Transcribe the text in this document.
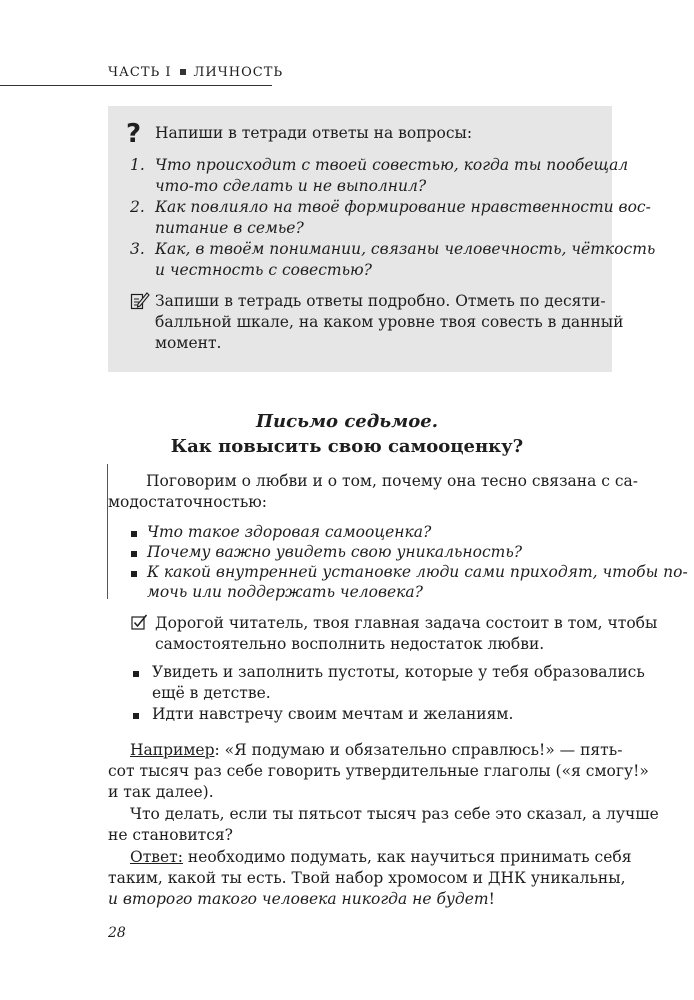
ЧАСТЬ I ЛИЧНОСТЬ
? Напиши в тетради ответы на вопросы:
1. Что происходит с твоей совестью, когда ты пообещал
что-то сделать и не выполнил?
2. Как повлияло на твоё формирование нравственности вос-
питание в семье?
3. Как, в твоём понимании, связаны человечность, чёткость
и честность с совестью?
Запиши в тетрадь ответы подробно. Отметь по десяти-
балльной шкале, на каком уровне твоя совесть в данный
момент.
Письмо седьмое.
Как повысить свою самооценку?
Поговорим о любви и о том, почему она тесно связана с са-
модостаточностью:
Что такое здоровая самооценка?
Почему важно увидеть свою уникальность?
К какой внутренней установке люди сами приходят, чтобы по-
мочь или поддержать человека?
Дорогой читатель, твоя главная задача состоит в том, чтобы
самостоятельно восполнить недостаток любви.
Увидеть и заполнить пустоты, которые у тебя образовались
ещё в детстве.
Идти навстречу своим мечтам и желаниям.
Например: «Я подумаю и обязательно справлюсь!» — пять-
сот тысяч раз себе говорить утвердительные глаголы («я смогу!»
и так далее).
Что делать, если ты пятьсот тысяч раз себе это сказал, а лучше
не становится?
Ответ: необходимо подумать, как научиться принимать себя
таким, какой ты есть. Твой набор хромосом и ДНК уникальны,
и второго такого человека никогда не будет!
28
